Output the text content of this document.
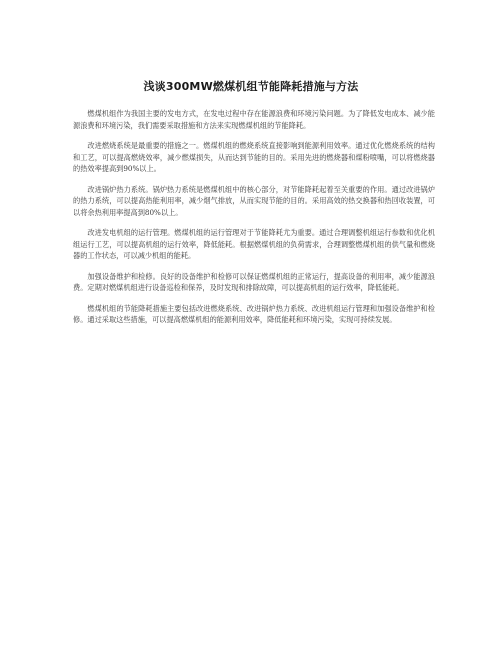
浅谈300MW燃煤机组节能降耗措施与方法

燃煤机组作为我国主要的发电方式，在发电过程中存在能源浪费和环境污染问题。为了降低发电成本、减少能源浪费和环境污染，我们需要采取措施和方法来实现燃煤机组的节能降耗。

改进燃烧系统是最重要的措施之一。燃煤机组的燃烧系统直接影响到能源利用效率。通过优化燃烧系统的结构和工艺，可以提高燃烧效率，减少燃煤损失，从而达到节能的目的。采用先进的燃烧器和煤粉喷嘴，可以将燃烧器的热效率提高到90%以上。

改进锅炉热力系统。锅炉热力系统是燃煤机组中的核心部分，对节能降耗起着至关重要的作用。通过改进锅炉的热力系统，可以提高热能利用率，减少烟气排放，从而实现节能的目的。采用高效的热交换器和热回收装置，可以将余热利用率提高到80%以上。

改进发电机组的运行管理。燃煤机组的运行管理对于节能降耗尤为重要。通过合理调整机组运行参数和优化机组运行工艺，可以提高机组的运行效率，降低能耗。根据燃煤机组的负荷需求，合理调整燃煤机组的供气量和燃烧器的工作状态，可以减少机组的能耗。

加强设备维护和检修。良好的设备维护和检修可以保证燃煤机组的正常运行，提高设备的利用率，减少能源浪费。定期对燃煤机组进行设备巡检和保养，及时发现和排除故障，可以提高机组的运行效率，降低能耗。

燃煤机组的节能降耗措施主要包括改进燃烧系统、改进锅炉热力系统、改进机组运行管理和加强设备维护和检修。通过采取这些措施，可以提高燃煤机组的能源利用效率，降低能耗和环境污染，实现可持续发展。
